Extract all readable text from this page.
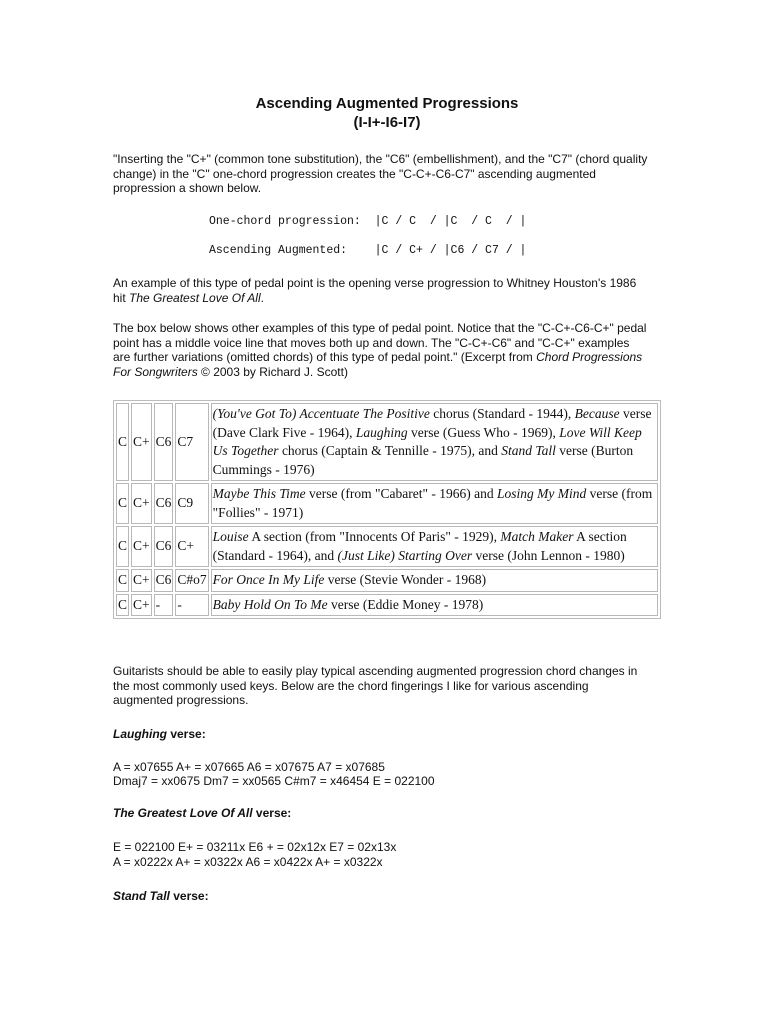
Ascending Augmented Progressions
(I-I+-I6-I7)
"Inserting the "C+" (common tone substitution), the "C6" (embellishment), and the "C7" (chord quality change) in the "C" one-chord progression creates the "C-C+-C6-C7" ascending augmented propression a shown below.
One-chord progression:  |C / C  / |C  / C  / |
Ascending Augmented:    |C / C+ / |C6 / C7 / |
An example of this type of pedal point is the opening verse progression to Whitney Houston's 1986 hit The Greatest Love Of All.
The box below shows other examples of this type of pedal point. Notice that the "C-C+-C6-C+" pedal point has a middle voice line that moves both up and down. The "C-C+-C6" and "C-C+" examples are further variations (omitted chords) of this type of pedal point." (Excerpt from Chord Progressions For Songwriters © 2003 by Richard J. Scott)
C	C+	C6	C7	(You've Got To) Accentuate The Positive chorus (Standard - 1944), Because verse (Dave Clark Five - 1964), Laughing verse (Guess Who - 1969), Love Will Keep Us Together chorus (Captain & Tennille - 1975), and Stand Tall verse (Burton Cummings - 1976)
C	C+	C6	C9	Maybe This Time verse (from "Cabaret" - 1966) and Losing My Mind verse (from "Follies" - 1971)
C	C+	C6	C+	Louise A section (from "Innocents Of Paris" - 1929), Match Maker A section (Standard - 1964), and (Just Like) Starting Over verse (John Lennon - 1980)
C	C+	C6	C#o7	For Once In My Life verse (Stevie Wonder - 1968)
C	C+	-	-	Baby Hold On To Me verse (Eddie Money - 1978)
Guitarists should be able to easily play typical ascending augmented progression chord changes in the most commonly used keys. Below are the chord fingerings I like for various ascending augmented progressions.
Laughing verse:
A = x07655 A+ = x07665 A6 = x07675 A7 = x07685
Dmaj7 = xx0675 Dm7 = xx0565 C#m7 = x46454 E = 022100
The Greatest Love Of All verse:
E = 022100 E+ = 03211x E6 + = 02x12x E7 = 02x13x
A = x0222x A+ = x0322x A6 = x0422x A+ = x0322x
Stand Tall verse:
